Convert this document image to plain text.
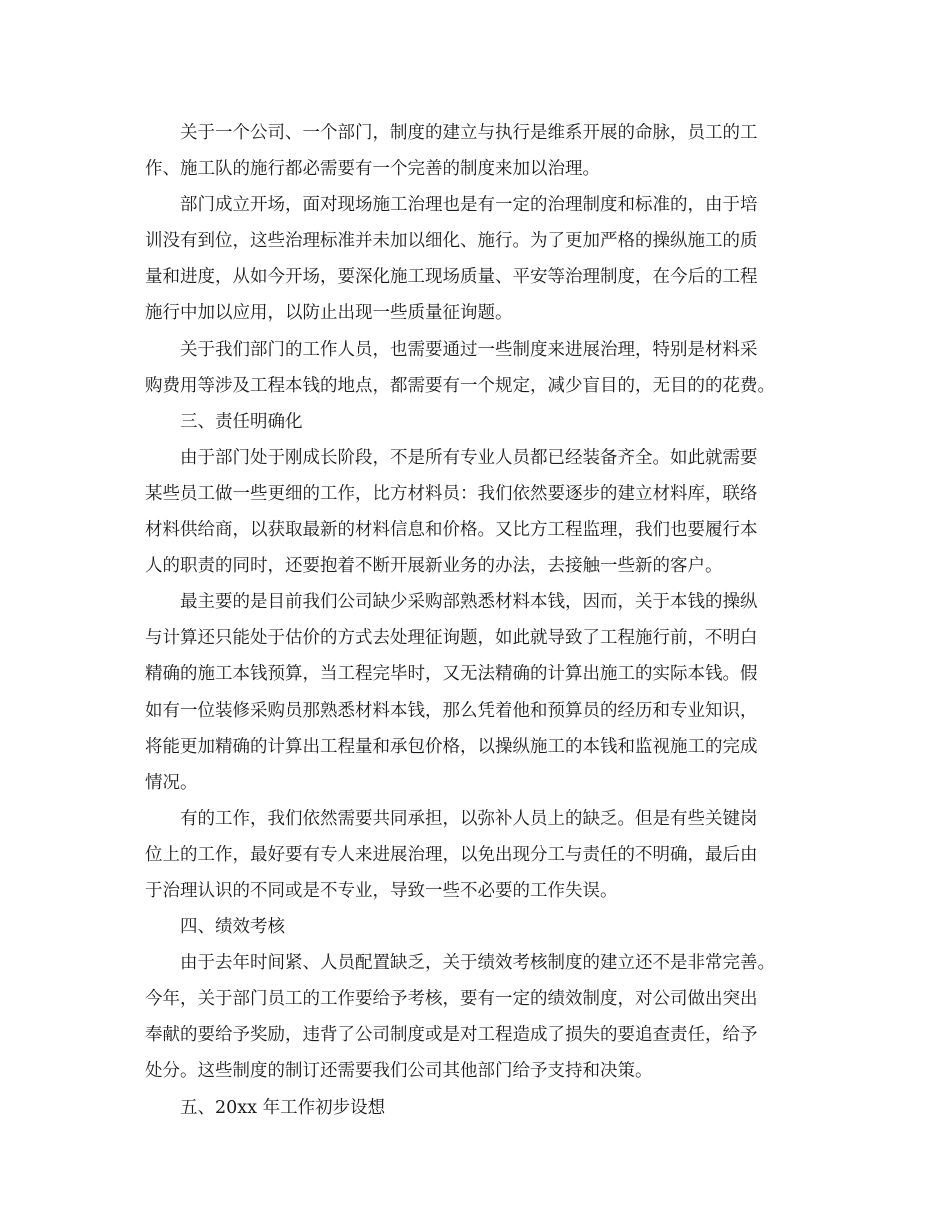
关于一个公司、一个部门，制度的建立与执行是维系开展的命脉，员工的工
作、施工队的施行都必需要有一个完善的制度来加以治理。
部门成立开场，面对现场施工治理也是有一定的治理制度和标准的，由于培
训没有到位，这些治理标准并未加以细化、施行。为了更加严格的操纵施工的质
量和进度，从如今开场，要深化施工现场质量、平安等治理制度，在今后的工程
施行中加以应用，以防止出现一些质量征询题。
关于我们部门的工作人员，也需要通过一些制度来进展治理，特别是材料采
购费用等涉及工程本钱的地点，都需要有一个规定，减少盲目的，无目的的花费。
三、责任明确化
由于部门处于刚成长阶段，不是所有专业人员都已经装备齐全。如此就需要
某些员工做一些更细的工作，比方材料员：我们依然要逐步的建立材料库，联络
材料供给商，以获取最新的材料信息和价格。又比方工程监理，我们也要履行本
人的职责的同时，还要抱着不断开展新业务的办法，去接触一些新的客户。
最主要的是目前我们公司缺少采购部熟悉材料本钱，因而，关于本钱的操纵
与计算还只能处于估价的方式去处理征询题，如此就导致了工程施行前，不明白
精确的施工本钱预算，当工程完毕时，又无法精确的计算出施工的实际本钱。假
如有一位装修采购员那熟悉材料本钱，那么凭着他和预算员的经历和专业知识，
将能更加精确的计算出工程量和承包价格，以操纵施工的本钱和监视施工的完成
情况。
有的工作，我们依然需要共同承担，以弥补人员上的缺乏。但是有些关键岗
位上的工作，最好要有专人来进展治理，以免出现分工与责任的不明确，最后由
于治理认识的不同或是不专业，导致一些不必要的工作失误。
四、绩效考核
由于去年时间紧、人员配置缺乏，关于绩效考核制度的建立还不是非常完善。
今年，关于部门员工的工作要给予考核，要有一定的绩效制度，对公司做出突出
奉献的要给予奖励，违背了公司制度或是对工程造成了损失的要追查责任，给予
处分。这些制度的制订还需要我们公司其他部门给予支持和决策。
五、20xx 年工作初步设想
